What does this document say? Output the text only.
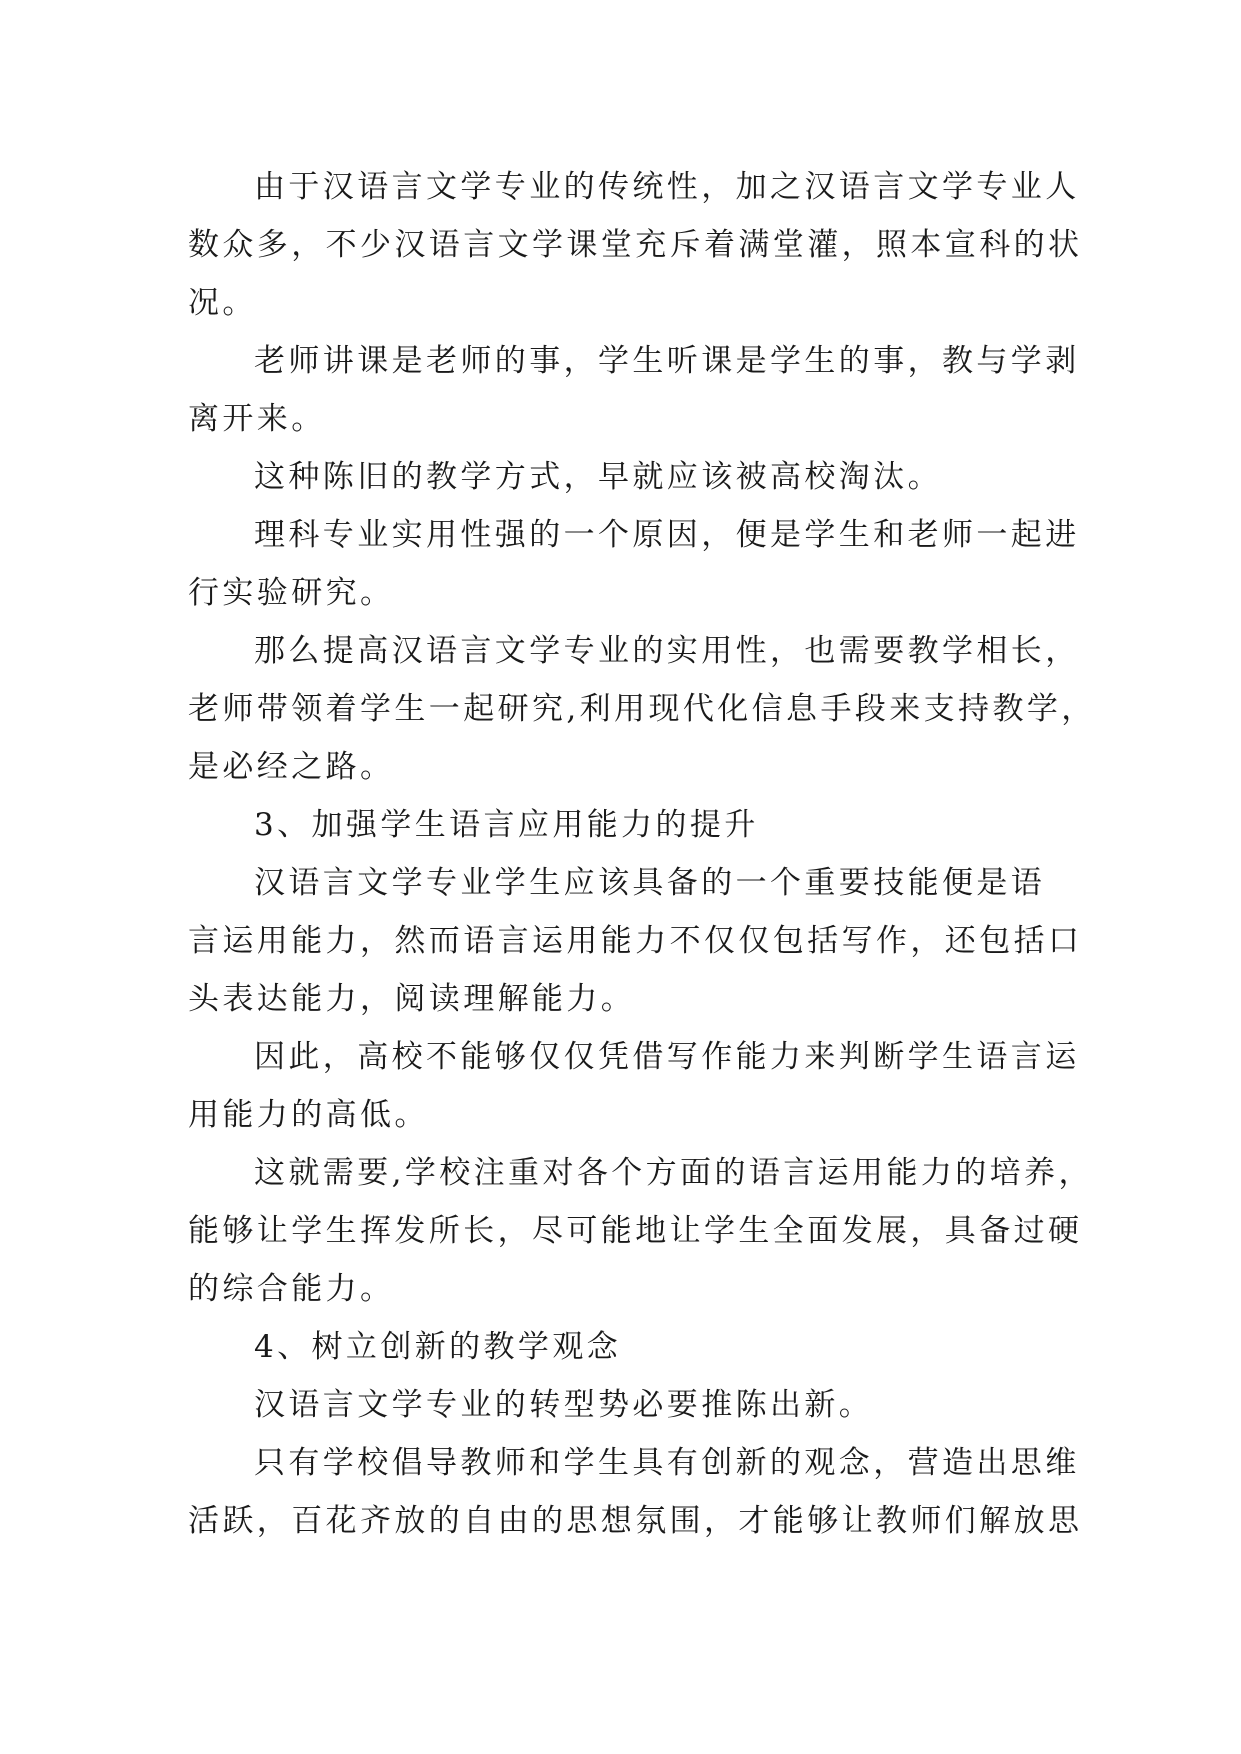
由于汉语言文学专业的传统性，加之汉语言文学专业人
数众多，不少汉语言文学课堂充斥着满堂灌，照本宣科的状
况。
老师讲课是老师的事，学生听课是学生的事，教与学剥
离开来。
这种陈旧的教学方式，早就应该被高校淘汰。
理科专业实用性强的一个原因，便是学生和老师一起进
行实验研究。
那么提高汉语言文学专业的实用性，也需要教学相长，
老师带领着学生一起研究,利用现代化信息手段来支持教学，
是必经之路。
3、加强学生语言应用能力的提升
汉语言文学专业学生应该具备的一个重要技能便是语
言运用能力，然而语言运用能力不仅仅包括写作，还包括口
头表达能力，阅读理解能力。
因此，高校不能够仅仅凭借写作能力来判断学生语言运
用能力的高低。
这就需要,学校注重对各个方面的语言运用能力的培养，
能够让学生挥发所长，尽可能地让学生全面发展，具备过硬
的综合能力。
4、树立创新的教学观念
汉语言文学专业的转型势必要推陈出新。
只有学校倡导教师和学生具有创新的观念，营造出思维
活跃，百花齐放的自由的思想氛围，才能够让教师们解放思
